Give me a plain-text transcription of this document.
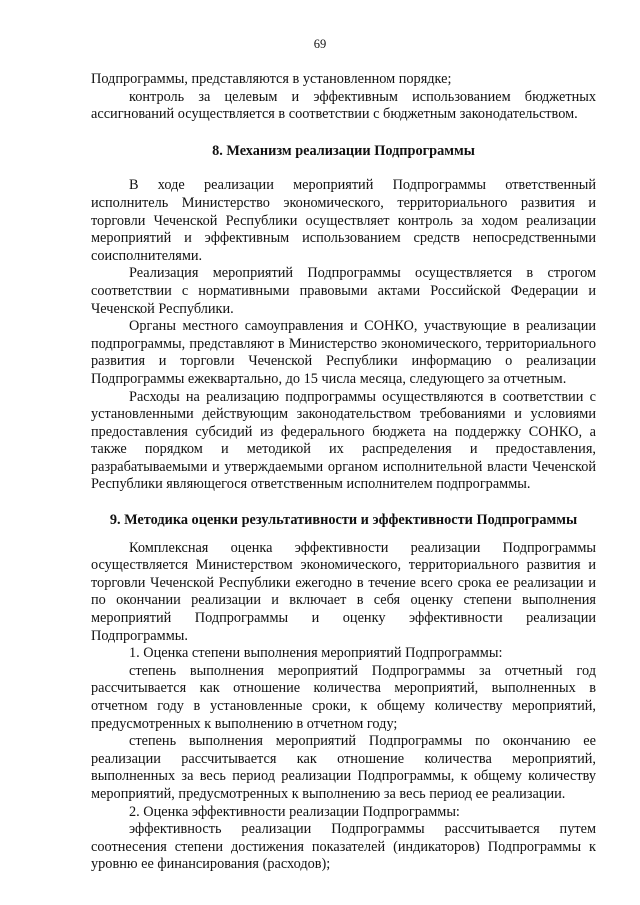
69

Подпрограммы, представляются в установленном порядке;

контроль за целевым и эффективным использованием бюджетных ассигнований осуществляется в соответствии с бюджетным законодательством.

8. Механизм реализации Подпрограммы

В ходе реализации мероприятий Подпрограммы ответственный исполнитель Министерство экономического, территориального развития и торговли Чеченской Республики осуществляет контроль за ходом реализации мероприятий и эффективным использованием средств непосредственными соисполнителями.

Реализация мероприятий Подпрограммы осуществляется в строгом соответствии с нормативными правовыми актами Российской Федерации и Чеченской Республики.

Органы местного самоуправления и СОНКО, участвующие в реализации подпрограммы, представляют в Министерство экономического, территориального развития и торговли Чеченской Республики информацию о реализации Подпрограммы ежеквартально, до 15 числа месяца, следующего за отчетным.

Расходы на реализацию подпрограммы осуществляются в соответствии с установленными действующим законодательством требованиями и условиями предоставления субсидий из федерального бюджета на поддержку СОНКО, а также порядком и методикой их распределения и предоставления, разрабатываемыми и утверждаемыми органом исполнительной власти Чеченской Республики являющегося ответственным исполнителем подпрограммы.

9. Методика оценки результативности и эффективности Подпрограммы

Комплексная оценка эффективности реализации Подпрограммы осуществляется Министерством экономического, территориального развития и торговли Чеченской Республики ежегодно в течение всего срока ее реализации и по окончании реализации и включает в себя оценку степени выполнения мероприятий Подпрограммы и оценку эффективности реализации Подпрограммы.

1. Оценка степени выполнения мероприятий Подпрограммы:

степень выполнения мероприятий Подпрограммы за отчетный год рассчитывается как отношение количества мероприятий, выполненных в отчетном году в установленные сроки, к общему количеству мероприятий, предусмотренных к выполнению в отчетном году;

степень выполнения мероприятий Подпрограммы по окончанию ее реализации рассчитывается как отношение количества мероприятий, выполненных за весь период реализации Подпрограммы, к общему количеству мероприятий, предусмотренных к выполнению за весь период ее реализации.

2. Оценка эффективности реализации Подпрограммы:

эффективность реализации Подпрограммы рассчитывается путем соотнесения степени достижения показателей (индикаторов) Подпрограммы к уровню ее финансирования (расходов);
